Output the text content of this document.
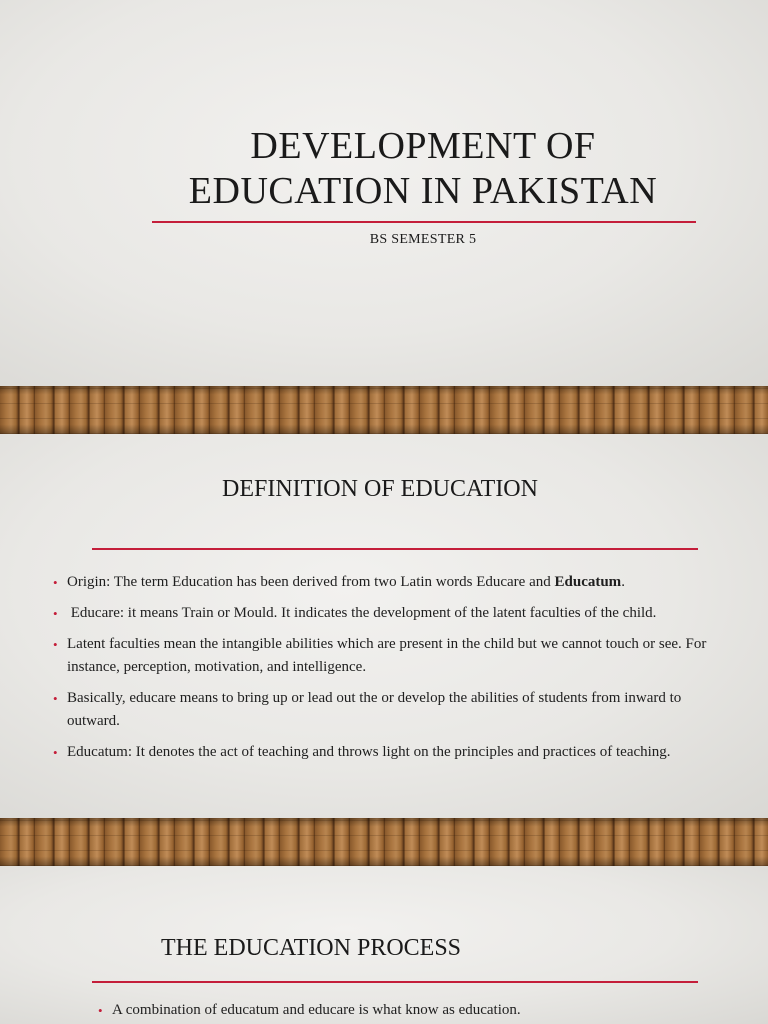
DEVELOPMENT OF
EDUCATION IN PAKISTAN
BS SEMESTER 5
DEFINITION OF EDUCATION
• Origin: The term Education has been derived from two Latin words Educare and Educatum.
• Educare: it means Train or Mould. It indicates the development of the latent faculties of the child.
• Latent faculties mean the intangible abilities which are present in the child but we cannot touch or see. For instance, perception, motivation, and intelligence.
• Basically, educare means to bring up or lead out the or develop the abilities of students from inward to outward.
• Educatum: It denotes the act of teaching and throws light on the principles and practices of teaching.
THE EDUCATION PROCESS
• A combination of educatum and educare is what know as education.
